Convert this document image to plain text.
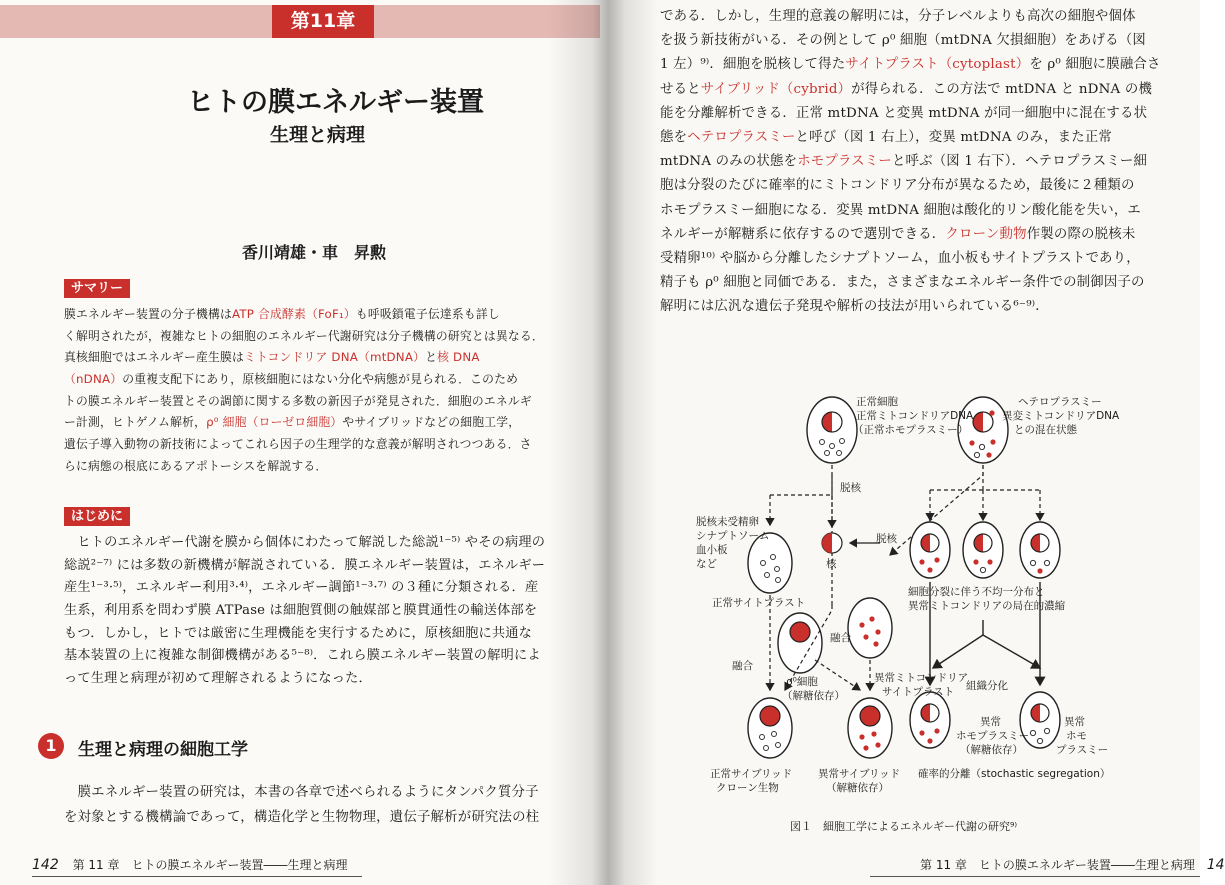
第11章
ヒトの膜エネルギー装置
生理と病理
香川靖雄・車　昇勲
サマリー
膜エネルギー装置の分子機構はATP 合成酵素（FoF₁）も呼吸鎖電子伝達系も詳し
く解明されたが，複雑なヒトの細胞のエネルギー代謝研究は分子機構の研究とは異なる．
真核細胞ではエネルギー産生膜はミトコンドリア DNA（mtDNA）と核 DNA
（nDNA）の重複支配下にあり，原核細胞にはない分化や病態が見られる．このため
トの膜エネルギー装置とその調節に関する多数の新因子が発見された．細胞のエネルギ
ー計測，ヒトゲノム解析，ρ⁰ 細胞（ローゼロ細胞）やサイブリッドなどの細胞工学，
遺伝子導入動物の新技術によってこれら因子の生理学的な意義が解明されつつある．さ
らに病態の根底にあるアポトーシスを解説する．
はじめに
　ヒトのエネルギー代謝を膜から個体にわたって解説した総説¹⁻⁵⁾ やその病理の
総説²⁻⁷⁾ には多数の新機構が解説されている．膜エネルギー装置は，エネルギー
産生¹⁻³·⁵⁾，エネルギー利用³·⁴⁾，エネルギー調節¹⁻³·⁷⁾ の３種に分類される．産
生系，利用系を問わず膜 ATPase は細胞質側の触媒部と膜貫通性の輸送体部を
もつ．しかし，ヒトでは厳密に生理機能を実行するために，原核細胞に共通な
基本装置の上に複雑な制御機構がある⁵⁻⁸⁾．これら膜エネルギー装置の解明によ
って生理と病理が初めて理解されるようになった．
1	生理と病理の細胞工学
　膜エネルギー装置の研究は，本書の各章で述べられるようにタンパク質分子
を対象とする機構論であって，構造化学と生物物理，遺伝子解析が研究法の柱
142 第 11 章　ヒトの膜エネルギー装置――生理と病理
である．しかし，生理的意義の解明には，分子レベルよりも高次の細胞や個体
を扱う新技術がいる．その例として ρ⁰ 細胞（mtDNA 欠損細胞）をあげる（図
1 左）⁹⁾．細胞を脱核して得たサイトプラスト（cytoplast）を ρ⁰ 細胞に膜融合さ
せるとサイブリッド（cybrid）が得られる．この方法で mtDNA と nDNA の機
能を分離解析できる．正常 mtDNA と変異 mtDNA が同一細胞中に混在する状
態をヘテロプラスミーと呼び（図 1 右上），変異 mtDNA のみ，また正常
mtDNA のみの状態をホモプラスミーと呼ぶ（図 1 右下）．ヘテロプラスミー細
胞は分裂のたびに確率的にミトコンドリア分布が異なるため，最後に２種類の
ホモプラスミー細胞になる．変異 mtDNA 細胞は酸化的リン酸化能を失い，エ
ネルギーが解糖系に依存するので選別できる．クローン動物作製の際の脱核未
受精卵¹⁰⁾ や脳から分離したシナプトソーム，血小板もサイトプラストであり，
精子も ρ⁰ 細胞と同価である．また，さまざまなエネルギー条件での制御因子の
解明には広汎な遺伝子発現や解析の技法が用いられている⁶⁻⁹⁾．
正常細胞
正常ミトコンドリアDNA
（正常ホモプラスミー）
ヘテロプラスミー
異変ミトコンドリアDNA
との混在状態
脱核
脱核
脱核未受精卵
シナプトソーム
血小板
など	核
細胞分裂に伴う不均一分布と
異常ミトコンドリアの局在的濃縮
正常サイトプラスト
融合
融合
ρ⁰細胞
（解糖依存）
異常ミトコンドリア
サイトプラスト 組織分化
異常
ホモプラスミー
（解糖依存）
異常
ホモ
プラスミー
正常サイブリッド
クローン生物
異常サイブリッド
（解糖依存）
確率的分離（stochastic segregation）
図１　細胞工学によるエネルギー代謝の研究⁹⁾
第 11 章　ヒトの膜エネルギー装置――生理と病理 14
